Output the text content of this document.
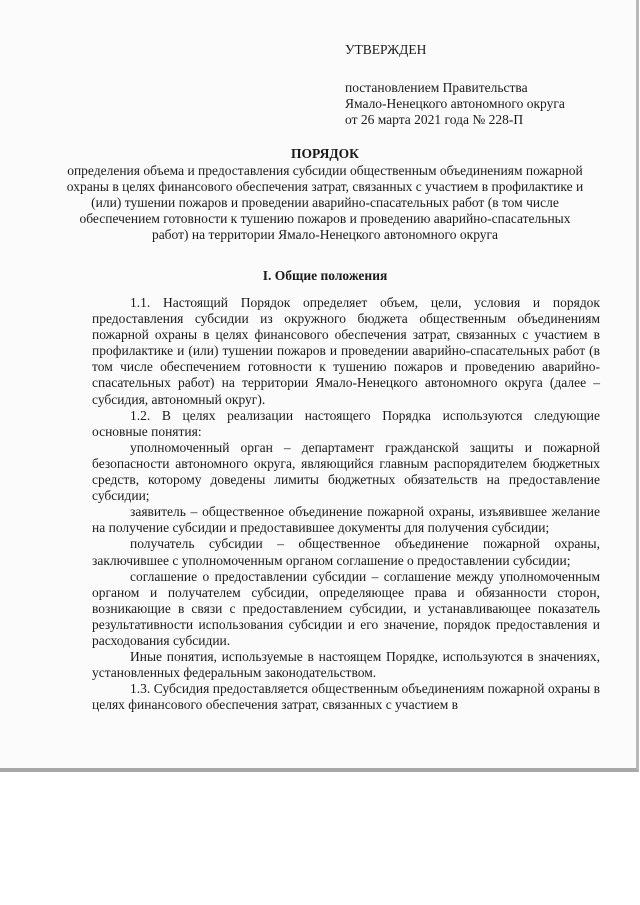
УТВЕРЖДЕН
постановлением Правительства
Ямало-Ненецкого автономного округа
от 26 марта 2021 года № 228-П
ПОРЯДОК
определения объема и предоставления субсидии общественным объединениям пожарной охраны в целях финансового обеспечения затрат, связанных с участием в профилактике и (или) тушении пожаров и проведении аварийно-спасательных работ (в том числе обеспечением готовности к тушению пожаров и проведению аварийно-спасательных работ) на территории Ямало-Ненецкого автономного округа
I. Общие положения

1.1. Настоящий Порядок определяет объем, цели, условия и порядок предоставления субсидии из окружного бюджета общественным объединениям пожарной охраны в целях финансового обеспечения затрат, связанных с участием в профилактике и (или) тушении пожаров и проведении аварийно-спасательных работ (в том числе обеспечением готовности к тушению пожаров и проведению аварийно-спасательных работ) на территории Ямало-Ненецкого автономного округа (далее – субсидия, автономный округ).

1.2. В целях реализации настоящего Порядка используются следующие основные понятия:

уполномоченный орган – департамент гражданской защиты и пожарной безопасности автономного округа, являющийся главным распорядителем бюджетных средств, которому доведены лимиты бюджетных обязательств на предоставление субсидии;

заявитель – общественное объединение пожарной охраны, изъявившее желание на получение субсидии и предоставившее документы для получения субсидии;

получатель субсидии – общественное объединение пожарной охраны, заключившее с уполномоченным органом соглашение о предоставлении субсидии;

соглашение о предоставлении субсидии – соглашение между уполномоченным органом и получателем субсидии, определяющее права и обязанности сторон, возникающие в связи с предоставлением субсидии, и устанавливающее показатель результативности использования субсидии и его значение, порядок предоставления и расходования субсидии.

Иные понятия, используемые в настоящем Порядке, используются в значениях, установленных федеральным законодательством.

1.3. Субсидия предоставляется общественным объединениям пожарной охраны в целях финансового обеспечения затрат, связанных с участием в
